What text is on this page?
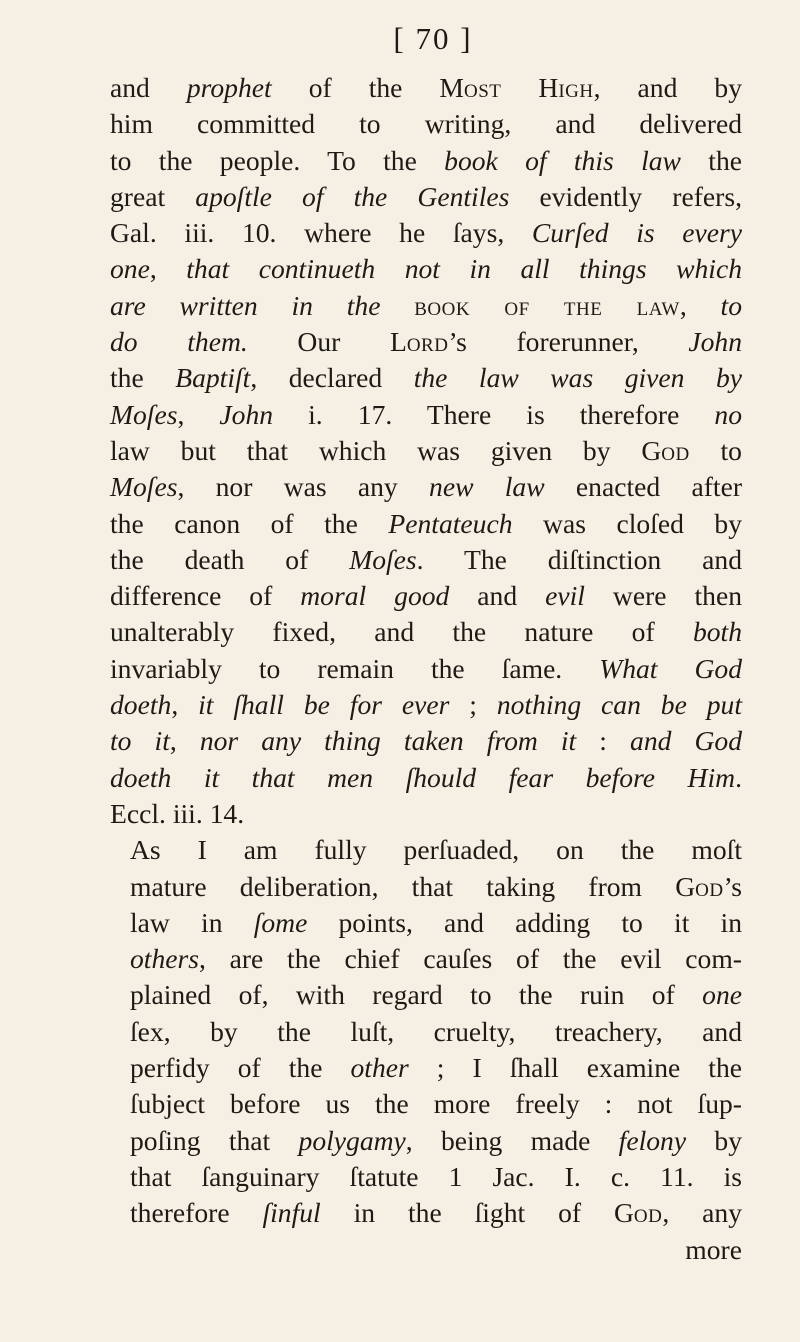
[ 70 ]

and prophet of the Most High, and by
him committed to writing, and delivered
to the people. To the book of this law the
great apoſtle of the Gentiles evidently refers,
Gal. iii. 10. where he ſays, Curſed is every
one, that continueth not in all things which
are written in the book of the law, to
do them. Our Lord’s forerunner, John
the Baptiſt, declared the law was given by
Moſes, John i. 17. There is therefore no
law but that which was given by God to
Moſes, nor was any new law enacted after
the canon of the Pentateuch was cloſed by
the death of Moſes. The diſtinction and
difference of moral good and evil were then
unalterably fixed, and the nature of both
invariably to remain the ſame. What God
doeth, it ſhall be for ever ; nothing can be put
to it, nor any thing taken from it : and God
doeth it that men ſhould fear before Him.
Eccl. iii. 14.

As I am fully perſuaded, on the moſt
mature deliberation, that taking from God’s
law in ſome points, and adding to it in
others, are the chief cauſes of the evil com-
plained of, with regard to the ruin of one
ſex, by the luſt, cruelty, treachery, and
perfidy of the other ; I ſhall examine the
ſubject before us the more freely : not ſup-
poſing that polygamy, being made felony by
that ſanguinary ſtatute 1 Jac. I. c. 11. is
therefore ſinful in the ſight of God, any

more
